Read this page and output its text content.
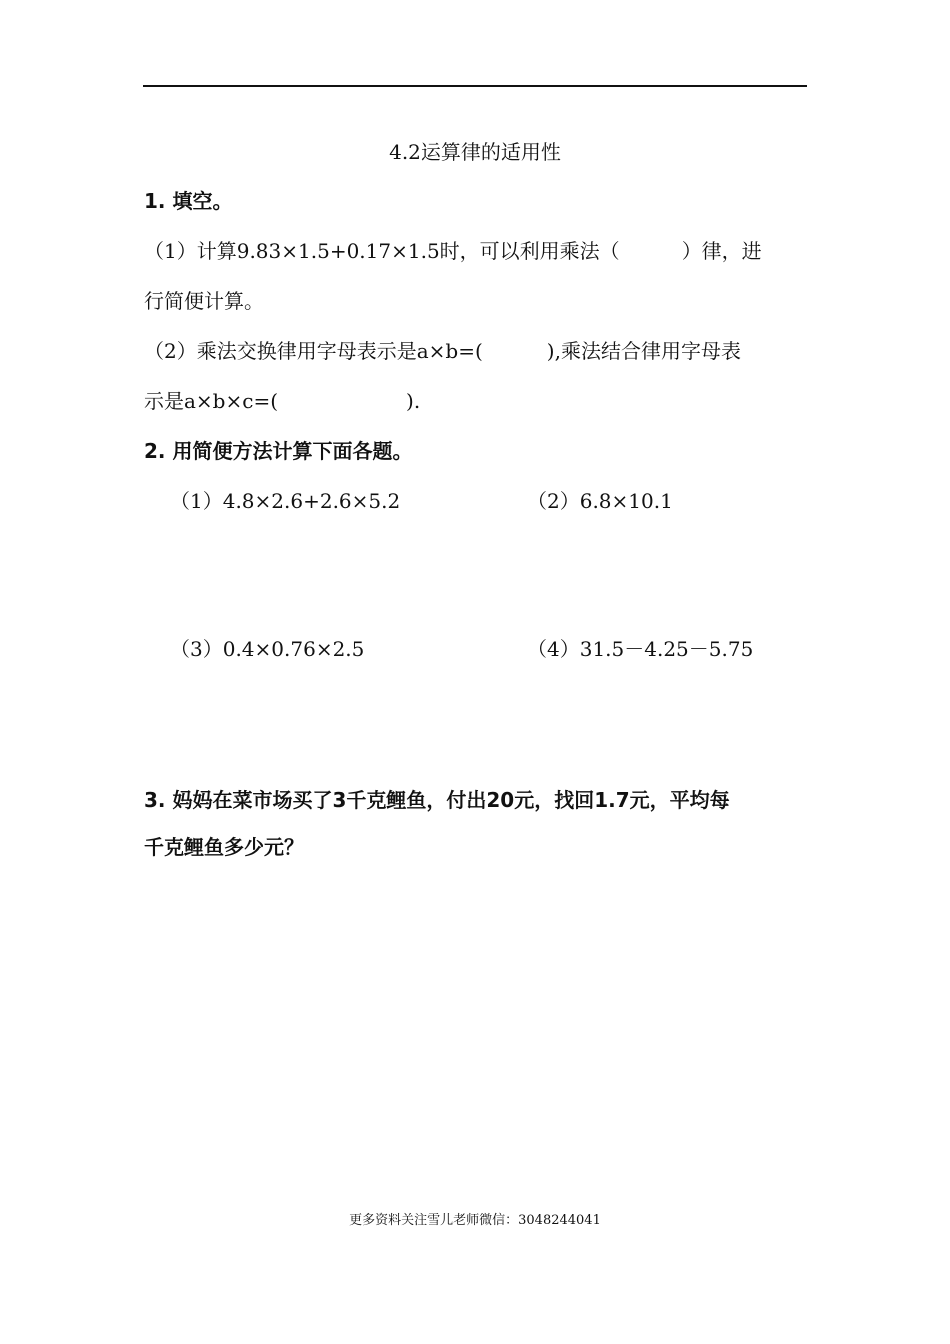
4.2运算律的适用性
1. 填空。
（1）计算9.83×1.5+0.17×1.5时，可以利用乘法（	）律，进
行简便计算。
（2）乘法交换律用字母表示是a×b=(	),乘法结合律用字母表
示是a×b×c=(	).
2. 用简便方法计算下面各题。
（1）4.8×2.6+2.6×5.2	（2）6.8×10.1
（3）0.4×0.76×2.5	（4）31.5－4.25－5.75
3. 妈妈在菜市场买了3千克鲤鱼，付出20元，找回1.7元，平均每
千克鲤鱼多少元？
更多资料关注雪儿老师微信：3048244041
